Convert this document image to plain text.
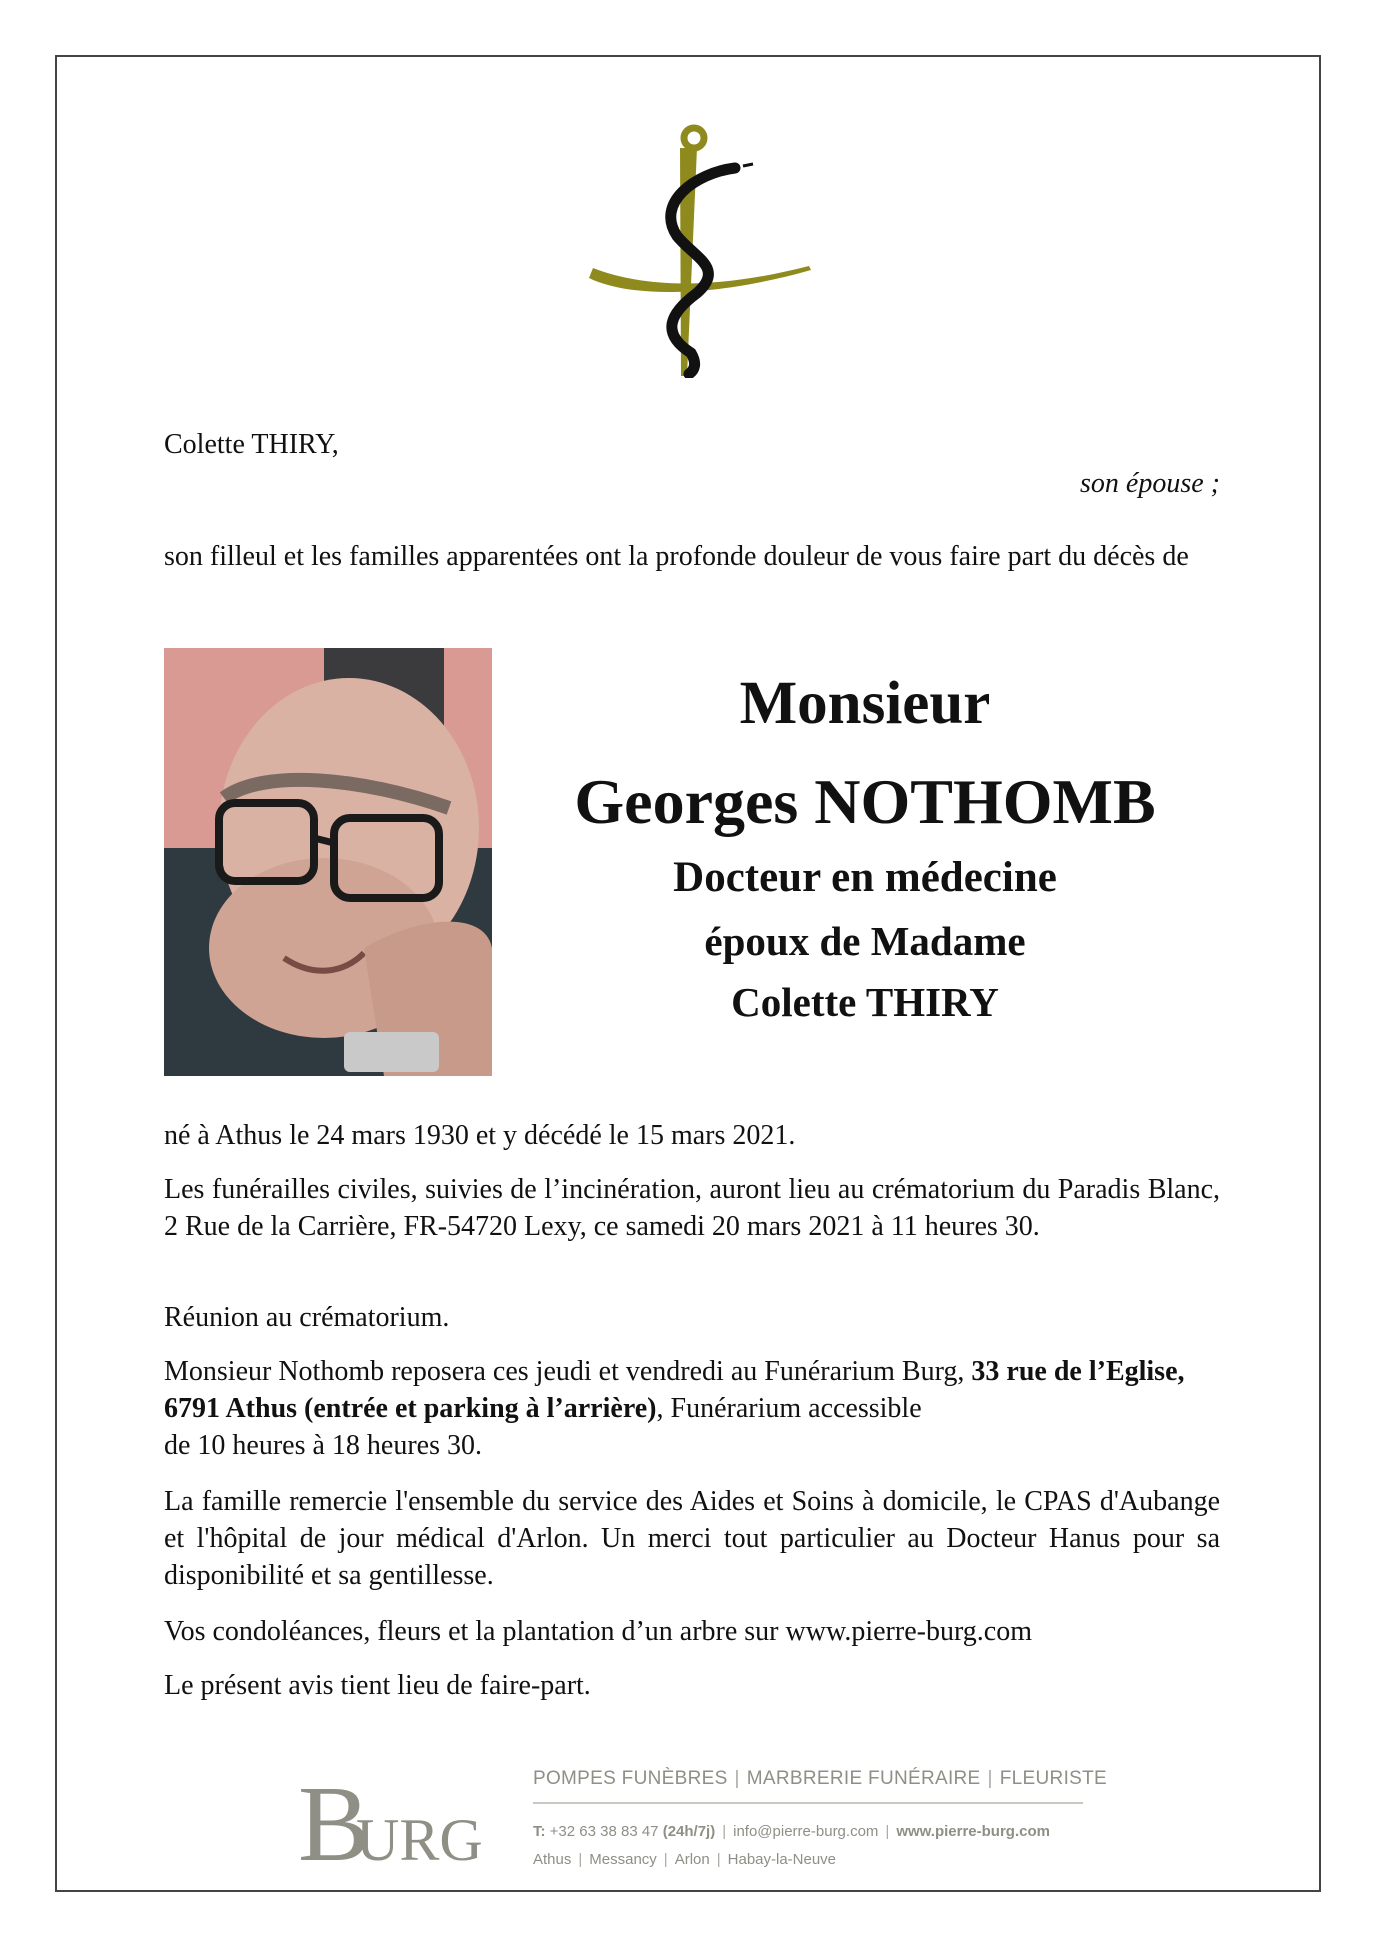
Colette THIRY,
son épouse ;
son filleul et les familles apparentées ont la profonde douleur de vous faire part du décès de
Monsieur
Georges NOTHOMB
Docteur en médecine
époux de Madame
Colette THIRY
né à Athus le 24 mars 1930 et y décédé le 15 mars 2021.
Les funérailles civiles, suivies de l’incinération, auront lieu au crématorium du Paradis Blanc, 2 Rue de la Carrière, FR-54720 Lexy, ce samedi 20 mars 2021 à 11 heures 30.
Réunion au crématorium.
Monsieur Nothomb reposera ces jeudi et vendredi au Funérarium Burg, 33 rue de l’Eglise, 6791 Athus (entrée et parking à l’arrière), Funérarium accessible
de 10 heures à 18 heures 30.
La famille remercie l'ensemble du service des Aides et Soins à domicile, le CPAS d'Aubange et l'hôpital de jour médical d'Arlon. Un merci tout particulier au Docteur Hanus pour sa disponibilité et sa gentillesse.
Vos condoléances, fleurs et la plantation d’un arbre sur www.pierre-burg.com
Le présent avis tient lieu de faire-part.
B
URG
POMPES FUNÈBRES | MARBRERIE FUNÉRAIRE | FLEURISTE
T: +32 63 38 83 47 (24h/7j) | info@pierre-burg.com | www.pierre-burg.com
Athus | Messancy | Arlon | Habay-la-Neuve
